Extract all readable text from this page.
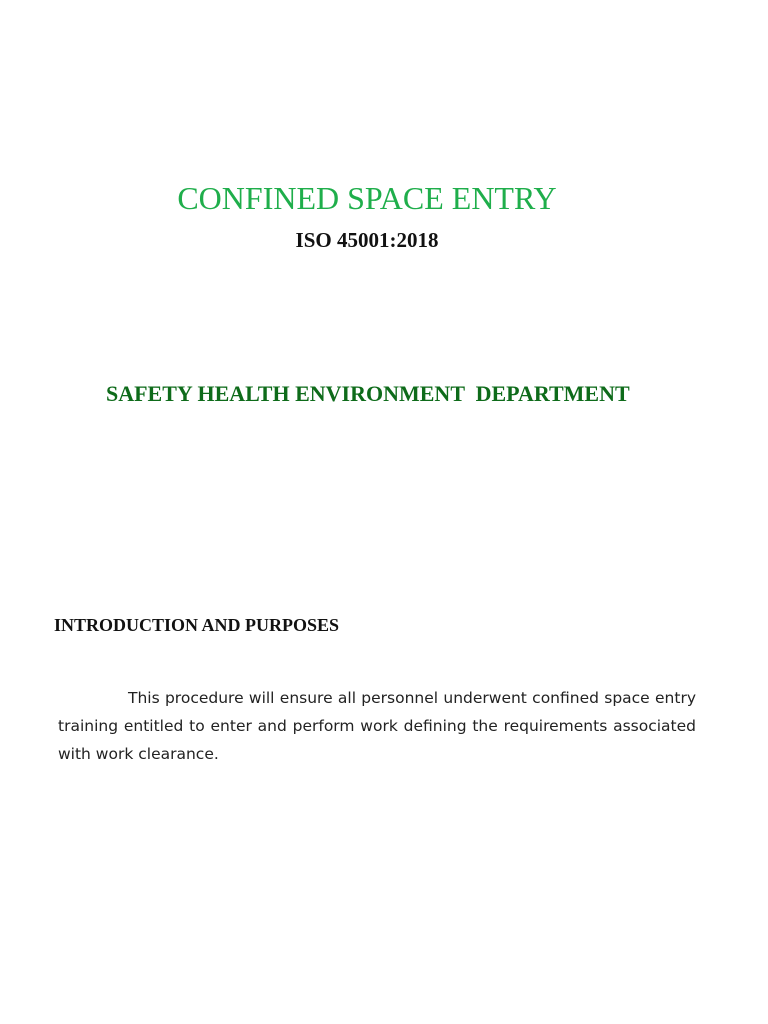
CONFINED SPACE ENTRY
ISO 45001:2018
SAFETY HEALTH ENVIRONMENT  DEPARTMENT
INTRODUCTION AND PURPOSES

This procedure will ensure all personnel underwent confined space entry training entitled to enter and perform work defining the requirements associated with work clearance.
